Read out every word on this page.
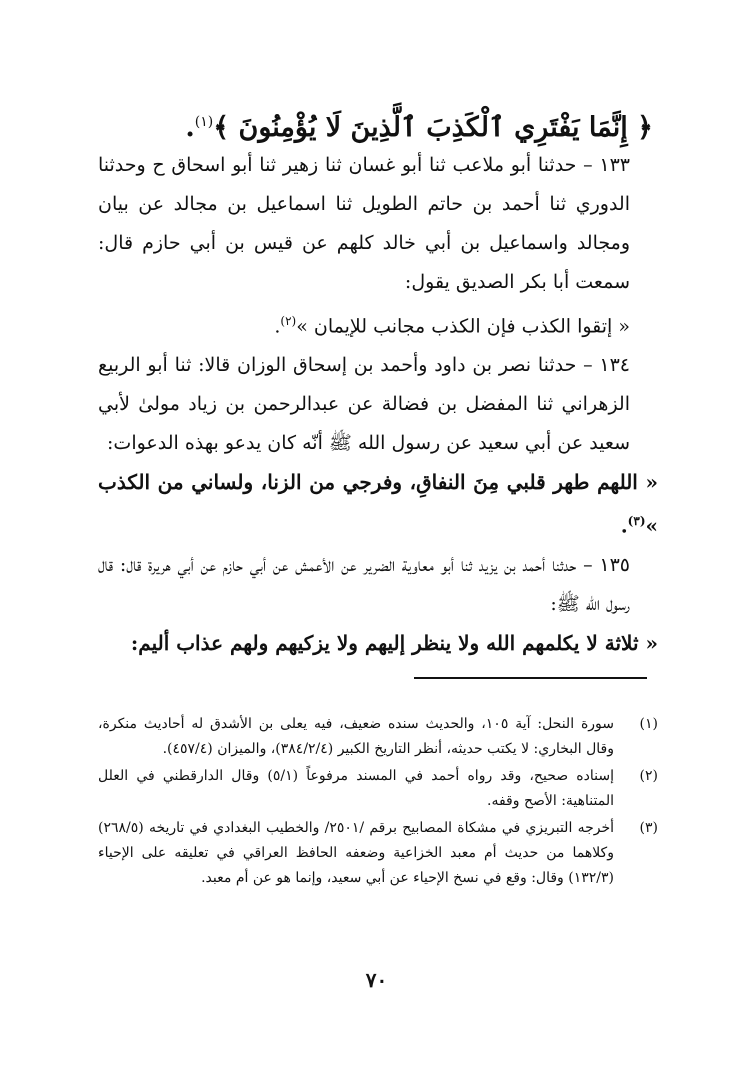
﴿ إِنَّمَا يَفْتَرِي ٱلْكَذِبَ ٱلَّذِينَ لَا يُؤْمِنُونَ ﴾$^{(١)}$.

١٣٣ – حدثنا أبو ملاعب ثنا أبو غسان ثنا زهير ثنا أبو اسحاق ح وحدثنا الدوري ثنا أحمد بن حاتم الطويل ثنا اسماعيل بن مجالد عن بيان ومجالد واسماعيل بن أبي خالد كلهم عن قيس بن أبي حازم قال: سمعت أبا بكر الصديق يقول:

« إتقوا الكذب فإن الكذب مجانب للإيمان »$^{(٢)}$.

١٣٤ – حدثنا نصر بن داود وأحمد بن إسحاق الوزان قالا: ثنا أبو الربيع الزهراني ثنا المفضل بن فضالة عن عبدالرحمن بن زياد مولىٰ لأبي سعيد عن أبي سعيد عن رسول الله ﷺ أنّه كان يدعو بهذه الدعوات:

« اللهم طهر قلبي مِنَ النفاقِ، وفرجي من الزنا، ولساني من الكذب »$^{(٣)}$.

١٣٥ – حدثنا أحمد بن يزيد ثنا أبو معاوية الضرير عن الأعمش عن أبي حازم عن أبي هريرة قال: قال رسول الله ﷺ:

« ثلاثة لا يكلمهم الله ولا ينظر إليهم ولا يزكيهم ولهم عذاب أليم:

سورة النحل: آية ١٠٥، والحديث سنده ضعيف، فيه يعلى بن الأشدق له أحاديث منكرة، وقال البخاري: لا يكتب حديثه، أنظر التاريخ الكبير (٣٨٤/٢/٤)، والميزان (٤٥٧/٤).
(١)
إسناده صحيح، وقد رواه أحمد في المسند مرفوعاً (٥/١) وقال الدارقطني في العلل المتناهية: الأصح وقفه.
(٢)
أخرجه التبريزي في مشكاة المصابيح برقم /٢٥٠١/ والخطيب البغدادي في تاريخه (٢٦٨/٥) وكلاهما من حديث أم معبد الخزاعية وضعفه الحافظ العراقي في تعليقه على الإحياء (١٣٢/٣) وقال: وقع في نسخ الإحياء عن أبي سعيد، وإنما هو عن أم معبد.
(٣)
٧٠
